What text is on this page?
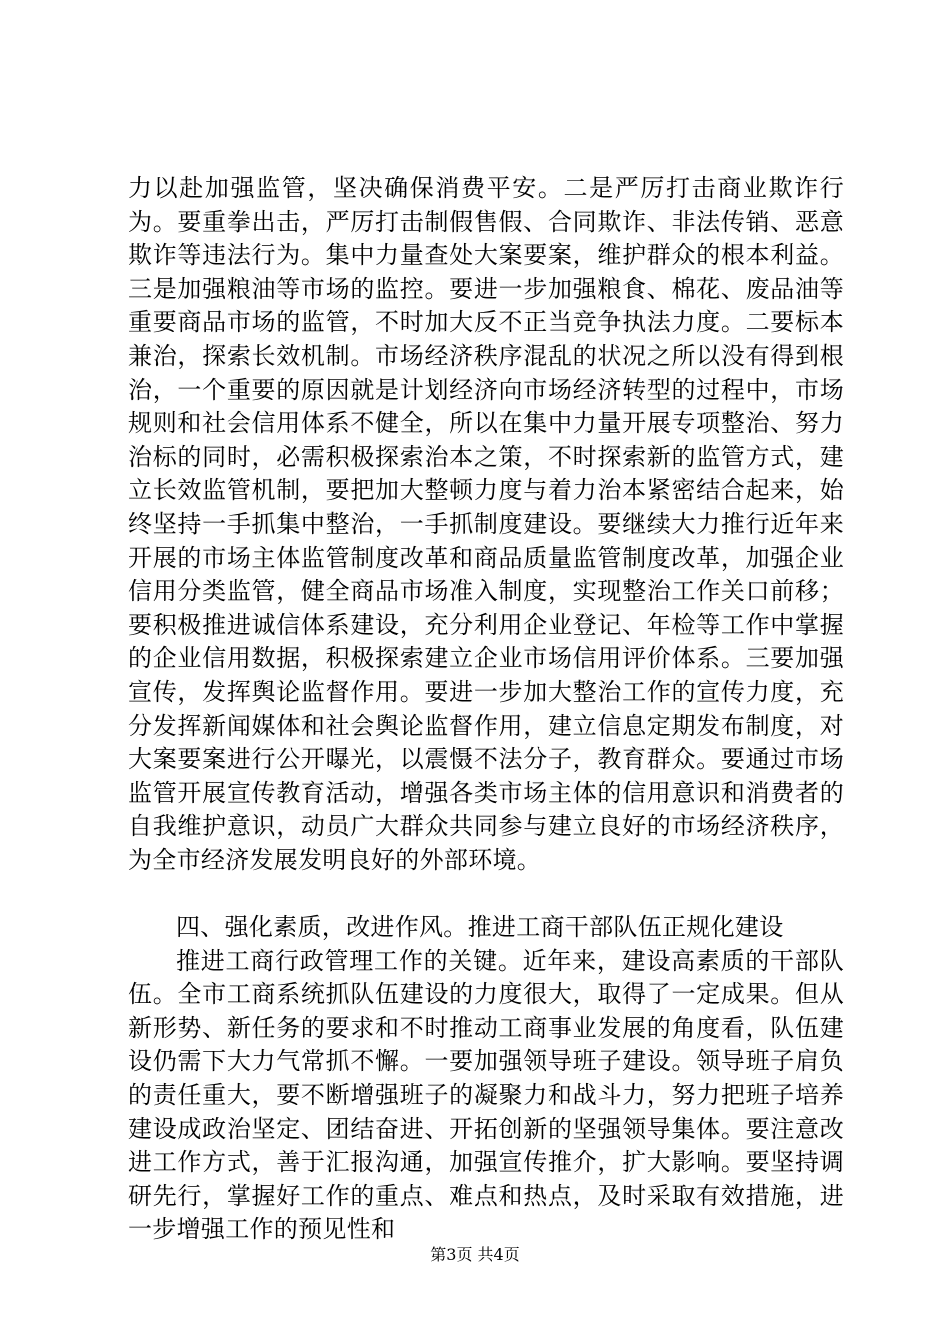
力以赴加强监管，坚决确保消费平安。二是严厉打击商业欺诈行为。要重拳出击，严厉打击制假售假、合同欺诈、非法传销、恶意欺诈等违法行为。集中力量查处大案要案，维护群众的根本利益。三是加强粮油等市场的监控。要进一步加强粮食、棉花、废品油等重要商品市场的监管，不时加大反不正当竞争执法力度。二要标本兼治，探索长效机制。市场经济秩序混乱的状况之所以没有得到根治，一个重要的原因就是计划经济向市场经济转型的过程中，市场规则和社会信用体系不健全，所以在集中力量开展专项整治、努力治标的同时，必需积极探索治本之策，不时探索新的监管方式，建立长效监管机制，要把加大整顿力度与着力治本紧密结合起来，始终坚持一手抓集中整治，一手抓制度建设。要继续大力推行近年来开展的市场主体监管制度改革和商品质量监管制度改革，加强企业信用分类监管，健全商品市场准入制度，实现整治工作关口前移；要积极推进诚信体系建设，充分利用企业登记、年检等工作中掌握的企业信用数据，积极探索建立企业市场信用评价体系。三要加强宣传，发挥舆论监督作用。要进一步加大整治工作的宣传力度，充分发挥新闻媒体和社会舆论监督作用，建立信息定期发布制度，对大案要案进行公开曝光，以震慑不法分子，教育群众。要通过市场监管开展宣传教育活动，增强各类市场主体的信用意识和消费者的自我维护意识，动员广大群众共同参与建立良好的市场经济秩序，为全市经济发展发明良好的外部环境。

四、强化素质，改进作风。推进工商干部队伍正规化建设

推进工商行政管理工作的关键。近年来，建设高素质的干部队伍。全市工商系统抓队伍建设的力度很大，取得了一定成果。但从新形势、新任务的要求和不时推动工商事业发展的角度看，队伍建设仍需下大力气常抓不懈。一要加强领导班子建设。领导班子肩负的责任重大，要不断增强班子的凝聚力和战斗力，努力把班子培养建设成政治坚定、团结奋进、开拓创新的坚强领导集体。要注意改进工作方式，善于汇报沟通，加强宣传推介，扩大影响。要坚持调研先行，掌握好工作的重点、难点和热点，及时采取有效措施，进一步增强工作的预见性和

第3页 共4页
